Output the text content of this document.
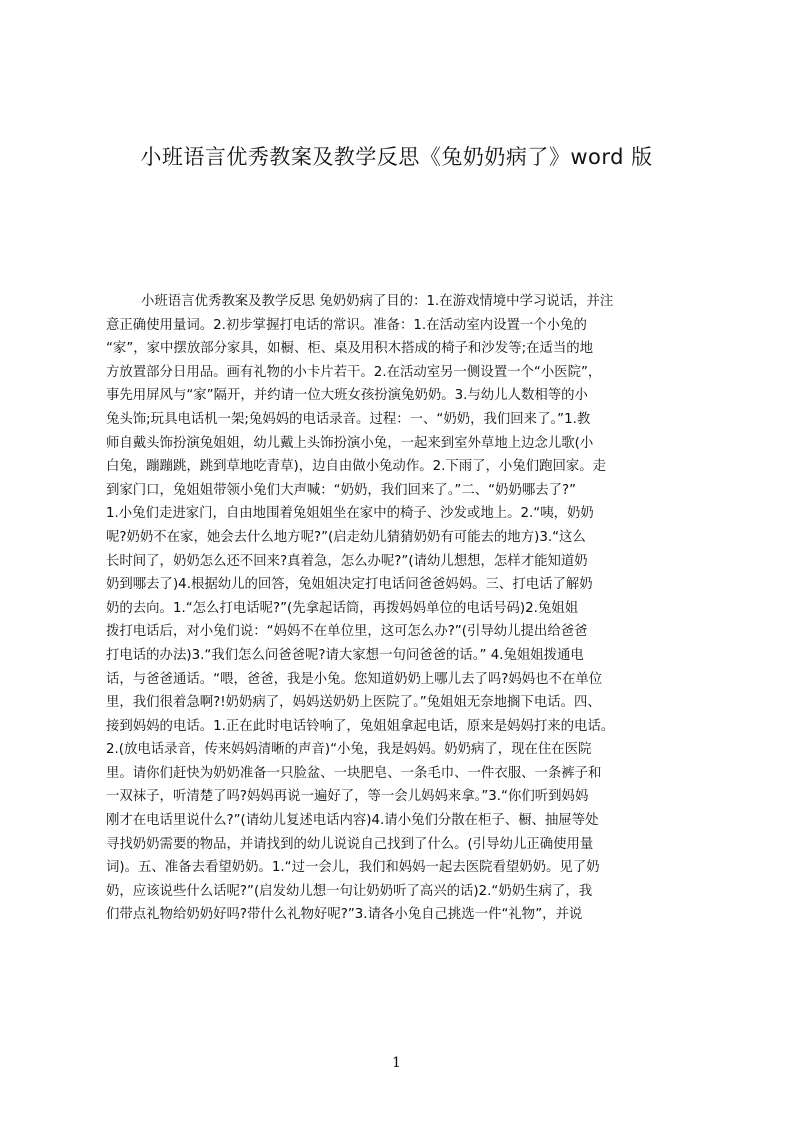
小班语言优秀教案及教学反思《兔奶奶病了》word 版
小班语言优秀教案及教学反思 兔奶奶病了目的：1.在游戏情境中学习说话，并注
意正确使用量词。2.初步掌握打电话的常识。准备：1.在活动室内设置一个小兔的
“家”，家中摆放部分家具，如橱、柜、桌及用积木搭成的椅子和沙发等;在适当的地
方放置部分日用品。画有礼物的小卡片若干。2.在活动室另一侧设置一个“小医院”，
事先用屏风与“家”隔开，并约请一位大班女孩扮演兔奶奶。3.与幼儿人数相等的小
兔头饰;玩具电话机一架;兔妈妈的电话录音。过程：一、“奶奶，我们回来了。”1.教
师自戴头饰扮演兔姐姐，幼儿戴上头饰扮演小兔，一起来到室外草地上边念儿歌(小
白兔，蹦蹦跳，跳到草地吃青草)，边自由做小兔动作。2.下雨了，小兔们跑回家。走
到家门口，兔姐姐带领小兔们大声喊：“奶奶，我们回来了。”二、“奶奶哪去了?”
1.小兔们走进家门，自由地围着兔姐姐坐在家中的椅子、沙发或地上。2.“咦，奶奶
呢?奶奶不在家，她会去什么地方呢?”(启走幼儿猜猜奶奶有可能去的地方)3.“这么
长时间了，奶奶怎么还不回来?真着急，怎么办呢?”(请幼儿想想，怎样才能知道奶
奶到哪去了)4.根据幼儿的回答，兔姐姐决定打电话问爸爸妈妈。三、打电话了解奶
奶的去向。1.“怎么打电话呢?”(先拿起话筒，再拨妈妈单位的电话号码)2.兔姐姐
拨打电话后，对小兔们说：“妈妈不在单位里，这可怎么办?”(引导幼儿提出给爸爸
打电话的办法)3.“我们怎么问爸爸呢?请大家想一句问爸爸的话。” 4.兔姐姐拨通电
话，与爸爸通话。“喂，爸爸，我是小兔。您知道奶奶上哪儿去了吗?妈妈也不在单位
里，我们很着急啊?!奶奶病了，妈妈送奶奶上医院了。”兔姐姐无奈地搁下电话。四、
接到妈妈的电话。1.正在此时电话铃响了，兔姐姐拿起电话，原来是妈妈打来的电话。
2.(放电话录音，传来妈妈清晰的声音)“小兔，我是妈妈。奶奶病了，现在住在医院
里。请你们赶快为奶奶准备一只脸盆、一块肥皂、一条毛巾、一件衣服、一条裤子和
一双袜子，听清楚了吗?妈妈再说一遍好了，等一会儿妈妈来拿。”3.“你们听到妈妈
刚才在电话里说什么?”(请幼儿复述电话内容)4.请小兔们分散在柜子、橱、抽屉等处
寻找奶奶需要的物品，并请找到的幼儿说说自己找到了什么。(引导幼儿正确使用量
词)。五、准备去看望奶奶。1.“过一会儿，我们和妈妈一起去医院看望奶奶。见了奶
奶，应该说些什么话呢?”(启发幼儿想一句让奶奶听了高兴的话)2.“奶奶生病了，我
们带点礼物给奶奶好吗?带什么礼物好呢?”3.请各小兔自己挑选一件“礼物”，并说
1
